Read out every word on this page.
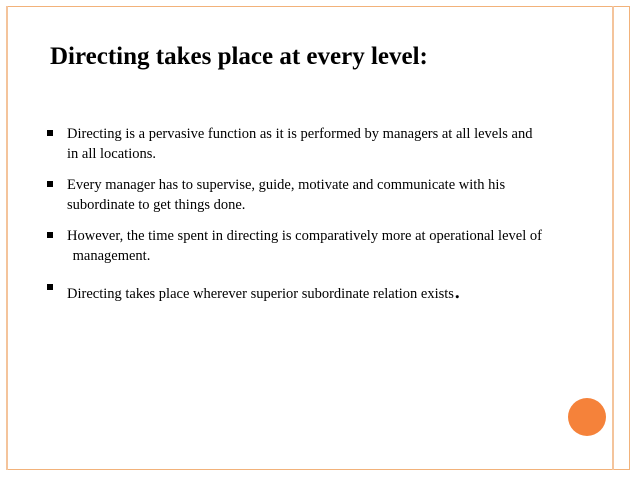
Directing takes place at every level:
Directing is a pervasive function as it is performed by managers at all levels and
in all locations.
Every manager has to supervise, guide, motivate and communicate with his
subordinate to get things done.
However, the time spent in directing is comparatively more at operational level of
management.
Directing takes place wherever superior subordinate relation exists.
